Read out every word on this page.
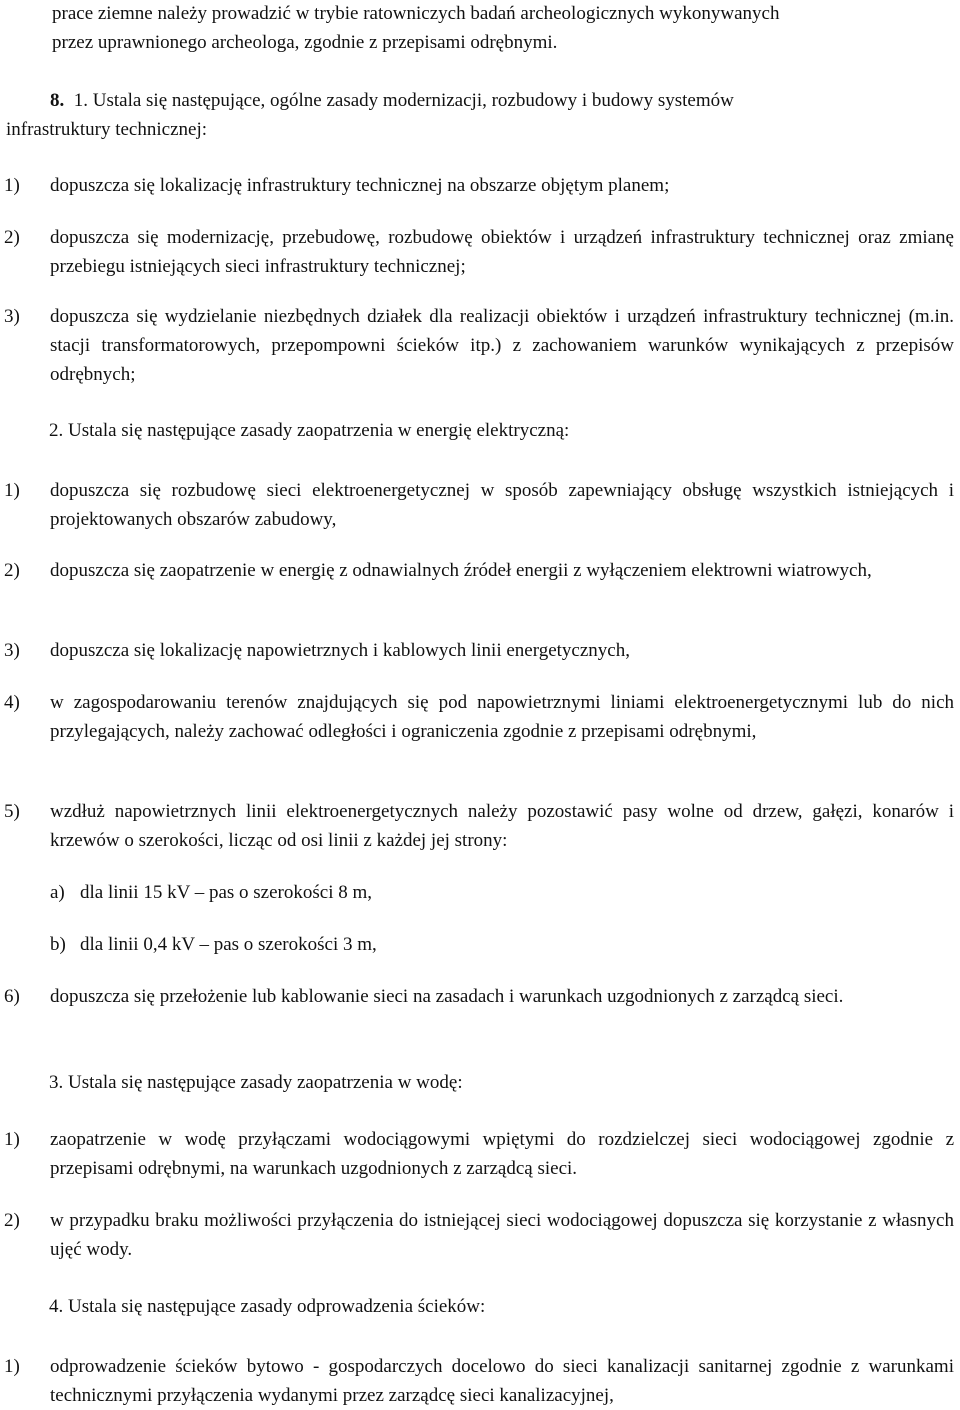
prace ziemne należy prowadzić w trybie ratowniczych badań archeologicznych wykonywanych
przez uprawnionego archeologa, zgodnie z przepisami odrębnymi.

8. 1. Ustala się następujące, ogólne zasady modernizacji, rozbudowy i budowy systemów
infrastruktury technicznej:

1) dopuszcza się lokalizację infrastruktury technicznej na obszarze objętym planem;
2) dopuszcza się modernizację, przebudowę, rozbudowę obiektów i urządzeń infrastruktury technicznej oraz zmianę przebiegu istniejących sieci infrastruktury technicznej;
3) dopuszcza się wydzielanie niezbędnych działek dla realizacji obiektów i urządzeń infrastruktury technicznej (m.in. stacji transformatorowych, przepompowni ścieków itp.) z zachowaniem warunków wynikających z przepisów odrębnych;

2. Ustala się następujące zasady zaopatrzenia w energię elektryczną:

1) dopuszcza się rozbudowę sieci elektroenergetycznej w sposób zapewniający obsługę wszystkich istniejących i projektowanych obszarów zabudowy,
2) dopuszcza się zaopatrzenie w energię z odnawialnych źródeł energii z wyłączeniem elektrowni wiatrowych,
3) dopuszcza się lokalizację napowietrznych i kablowych linii energetycznych,
4) w zagospodarowaniu terenów znajdujących się pod napowietrznymi liniami elektroenergetycznymi lub do nich przylegających, należy zachować odległości i ograniczenia zgodnie z przepisami odrębnymi,
5) wzdłuż napowietrznych linii elektroenergetycznych należy pozostawić pasy wolne od drzew, gałęzi, konarów i krzewów o szerokości, licząc od osi linii z każdej jej strony:
a) dla linii 15 kV – pas o szerokości 8 m,
b) dla linii 0,4 kV – pas o szerokości 3 m,
6) dopuszcza się przełożenie lub kablowanie sieci na zasadach i warunkach uzgodnionych z zarządcą sieci.

3. Ustala się następujące zasady zaopatrzenia w wodę:

1) zaopatrzenie w wodę przyłączami wodociągowymi wpiętymi do rozdzielczej sieci wodociągowej zgodnie z przepisami odrębnymi, na warunkach uzgodnionych z zarządcą sieci.
2) w przypadku braku możliwości przyłączenia do istniejącej sieci wodociągowej dopuszcza się korzystanie z własnych ujęć wody.

4. Ustala się następujące zasady odprowadzenia ścieków:

1) odprowadzenie ścieków bytowo - gospodarczych docelowo do sieci kanalizacji sanitarnej zgodnie z warunkami technicznymi przyłączenia wydanymi przez zarządcę sieci kanalizacyjnej,
